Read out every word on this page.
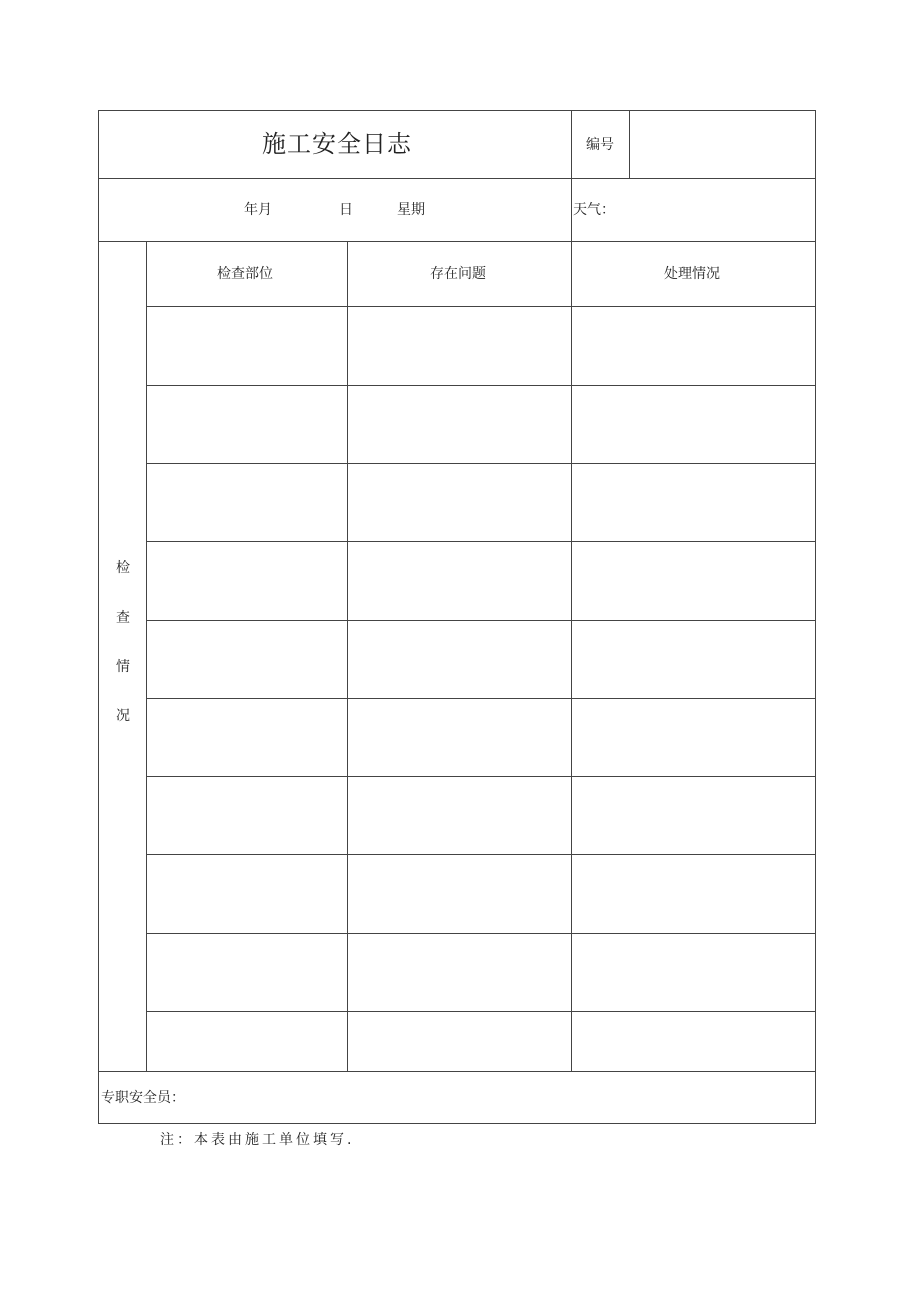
施工安全日志	编号
年月	日	星期	天气：
检
查
情
况
检查部位	存在问题	处理情况
专职安全员：
注：本表由施工单位填写.
